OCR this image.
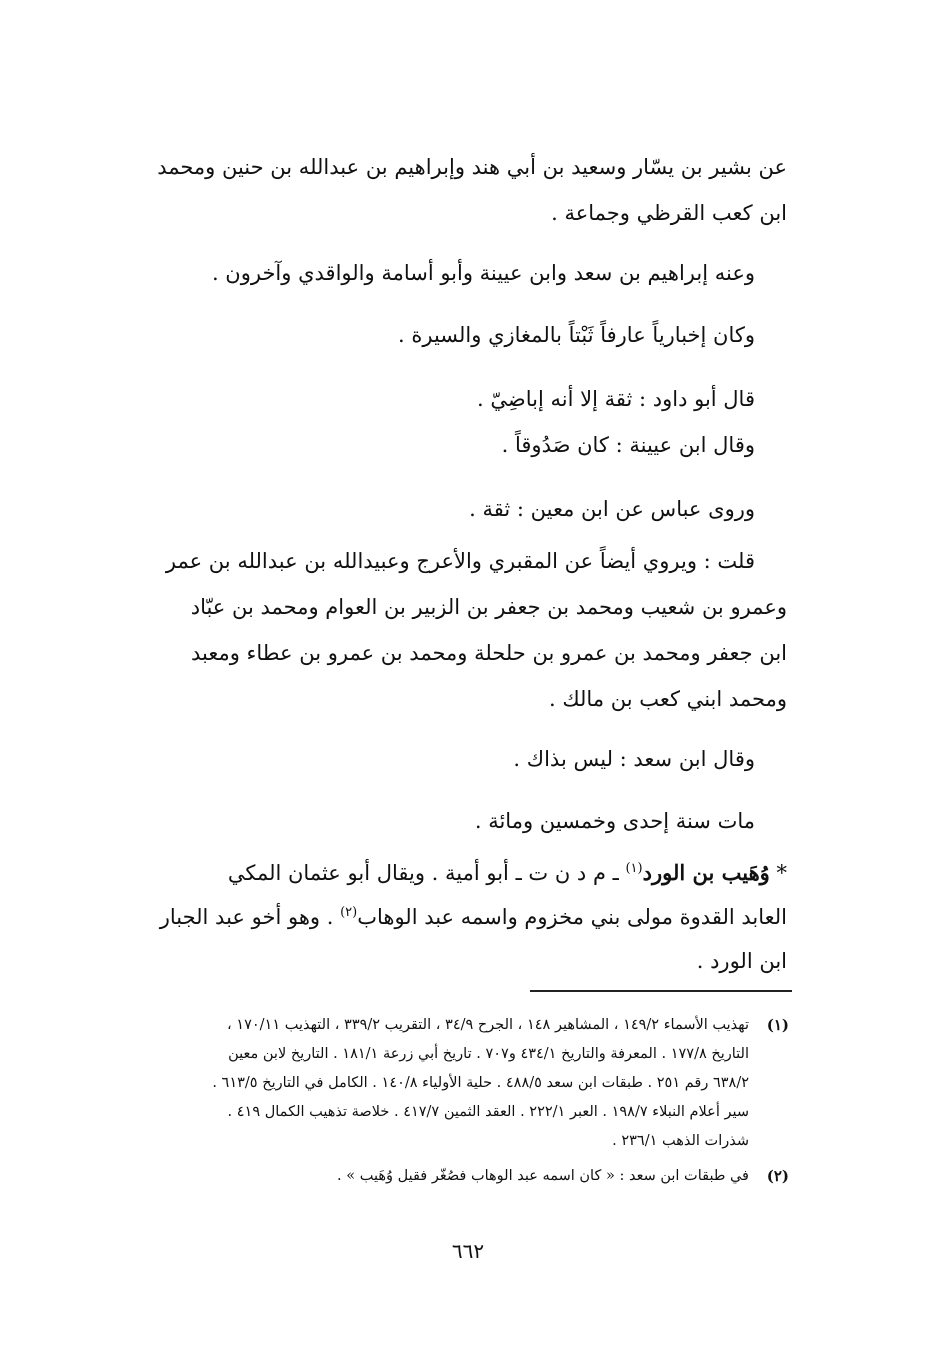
عن بشير بن يسّار وسعيد بن أبي هند وإبراهيم بن عبدالله بن حنين ومحمد
ابن كعب القرظي وجماعة .
وعنه إبراهيم بن سعد وابن عيينة وأبو أسامة والواقدي وآخرون .
وكان إخبارياً عارفاً ثَبْتاً بالمغازي والسيرة .
قال أبو داود : ثقة إلا أنه إباضِيّ .
وقال ابن عيينة : كان صَدُوقاً .
وروى عباس عن ابن معين : ثقة .
قلت : ويروي أيضاً عن المقبري والأعرج وعبيدالله بن عبدالله بن عمر
وعمرو بن شعيب ومحمد بن جعفر بن الزبير بن العوام ومحمد بن عبّاد
ابن جعفر ومحمد بن عمرو بن حلحلة ومحمد بن عمرو بن عطاء ومعبد
ومحمد ابني كعب بن مالك .
وقال ابن سعد : ليس بذاك .
مات سنة إحدى وخمسين ومائة .
* وُهَيب بن الورد$^{(١)}$ ـ م د ن ت ـ أبو أمية . ويقال أبو عثمان المكي
العابد القدوة مولى بني مخزوم واسمه عبد الوهاب$^{(٢)}$ . وهو أخو عبد الجبار
ابن الورد .
(١)
تهذيب الأسماء ١٤٩/٢ ، المشاهير ١٤٨ ، الجرح ٣٤/٩ ، التقريب ٣٣٩/٢ ، التهذيب ١٧٠/١١ ،
التاريخ ١٧٧/٨ . المعرفة والتاريخ ٤٣٤/١ و٧٠٧ . تاريخ أبي زرعة ١٨١/١ . التاريخ لابن معين
٦٣٨/٢ رقم ٢٥١ . طبقات ابن سعد ٤٨٨/٥ . حلية الأولياء ١٤٠/٨ . الكامل في التاريخ ٦١٣/٥ .
سير أعلام النبلاء ١٩٨/٧ . العبر ٢٢٢/١ . العقد الثمين ٤١٧/٧ . خلاصة تذهيب الكمال ٤١٩ .
شذرات الذهب ٢٣٦/١ .
(٢)
في طبقات ابن سعد : « كان اسمه عبد الوهاب فصُغّر فقيل وُهَيب » .
٦٦٢
